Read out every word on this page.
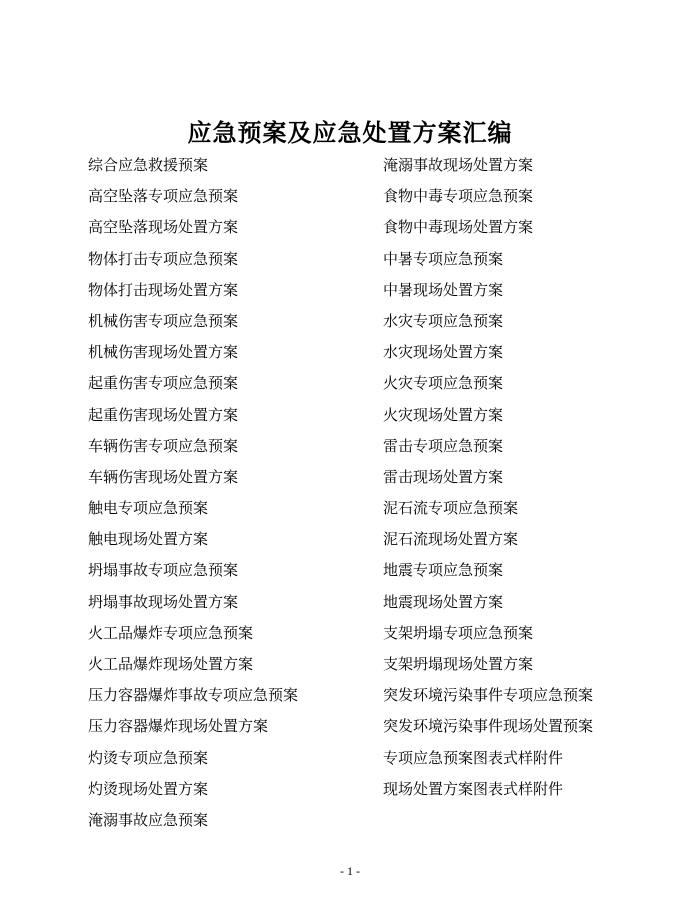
应急预案及应急处置方案汇编
综合应急救援预案
高空坠落专项应急预案
高空坠落现场处置方案
物体打击专项应急预案
物体打击现场处置方案
机械伤害专项应急预案
机械伤害现场处置方案
起重伤害专项应急预案
起重伤害现场处置方案
车辆伤害专项应急预案
车辆伤害现场处置方案
触电专项应急预案
触电现场处置方案
坍塌事故专项应急预案
坍塌事故现场处置方案
火工品爆炸专项应急预案
火工品爆炸现场处置方案
压力容器爆炸事故专项应急预案
压力容器爆炸现场处置方案
灼烫专项应急预案
灼烫现场处置方案
淹溺事故应急预案
淹溺事故现场处置方案
食物中毒专项应急预案
食物中毒现场处置方案
中暑专项应急预案
中暑现场处置方案
水灾专项应急预案
水灾现场处置方案
火灾专项应急预案
火灾现场处置方案
雷击专项应急预案
雷击现场处置方案
泥石流专项应急预案
泥石流现场处置方案
地震专项应急预案
地震现场处置方案
支架坍塌专项应急预案
支架坍塌现场处置方案
突发环境污染事件专项应急预案
突发环境污染事件现场处置预案
专项应急预案图表式样附件
现场处置方案图表式样附件
- 1 -
